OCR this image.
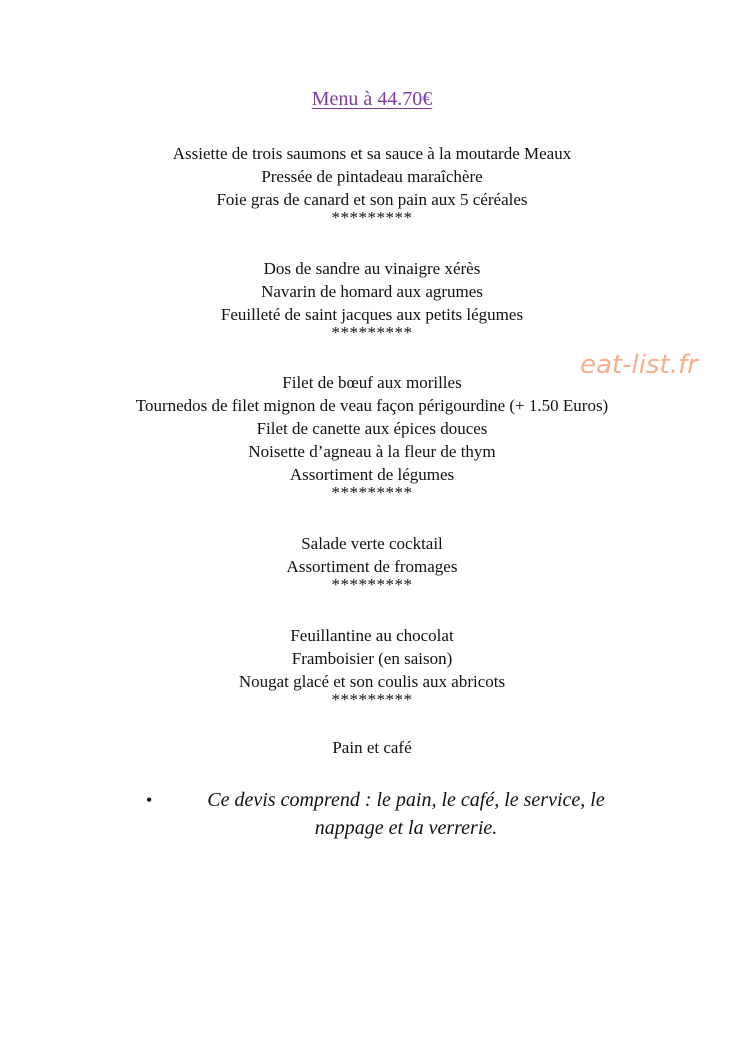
Menu à 44.70€
eat-list.fr
Assiette de trois saumons et sa sauce à la moutarde Meaux
Pressée de pintadeau maraîchère
Foie gras de canard et son pain aux 5 céréales
*********
Dos de sandre au vinaigre xérès
Navarin de homard aux agrumes
Feuilleté de saint jacques aux petits légumes
*********
Filet de bœuf aux morilles
Tournedos de filet mignon de veau façon périgourdine (+ 1.50 Euros)
Filet de canette aux épices douces
Noisette d’agneau à la fleur de thym
Assortiment de légumes
*********
Salade verte cocktail
Assortiment de fromages
*********
Feuillantine au chocolat
Framboisier (en saison)
Nougat glacé et son coulis aux abricots
*********
Pain et café
•	Ce devis comprend : le pain, le café, le service, le
nappage et la verrerie.
